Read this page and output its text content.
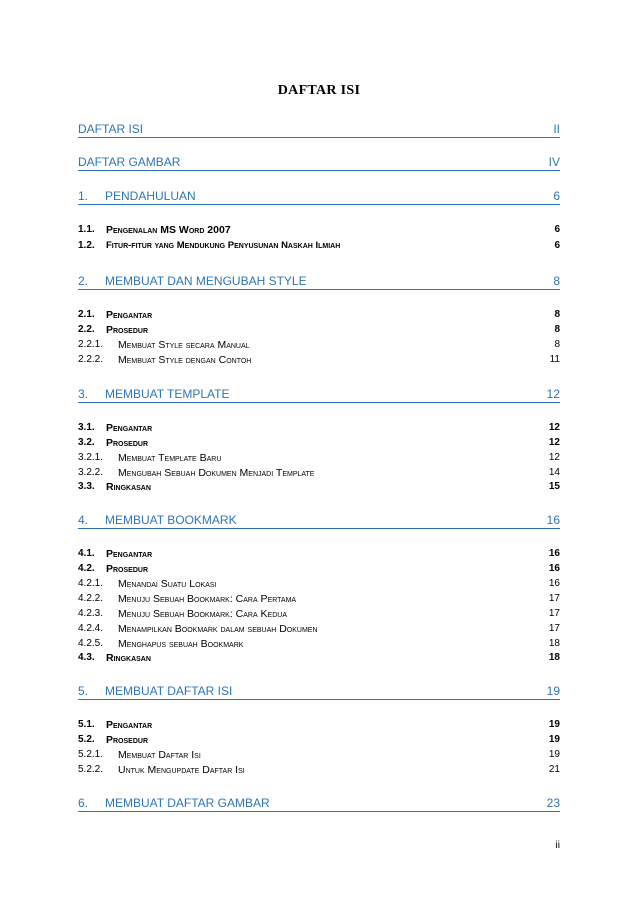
DAFTAR ISI
DAFTAR ISI	II
DAFTAR GAMBAR	IV
1. PENDAHULUAN	6
1.1. Pengenalan MS Word 2007	6
1.2. Fitur-fitur yang Mendukung Penyusunan Naskah Ilmiah	6
2. MEMBUAT DAN MENGUBAH STYLE	8
2.1. Pengantar	8
2.2. Prosedur	8
2.2.1. Membuat Style secara Manual	8
2.2.2. Membuat Style dengan Contoh	11
3. MEMBUAT TEMPLATE	12
3.1. Pengantar	12
3.2. Prosedur	12
3.2.1. Membuat Template Baru	12
3.2.2. Mengubah Sebuah Dokumen Menjadi Template	14
3.3. Ringkasan	15
4. MEMBUAT BOOKMARK	16
4.1. Pengantar	16
4.2. Prosedur	16
4.2.1. Menandai Suatu Lokasi	16
4.2.2. Menuju Sebuah Bookmark: Cara Pertama	17
4.2.3. Menuju Sebuah Bookmark: Cara Kedua	17
4.2.4. Menampilkan Bookmark dalam sebuah Dokumen	17
4.2.5. Menghapus sebuah Bookmark	18
4.3. Ringkasan	18
5. MEMBUAT DAFTAR ISI	19
5.1. Pengantar	19
5.2. Prosedur	19
5.2.1. Membuat Daftar Isi	19
5.2.2. Untuk Mengupdate Daftar Isi	21
6. MEMBUAT DAFTAR GAMBAR	23
ii
